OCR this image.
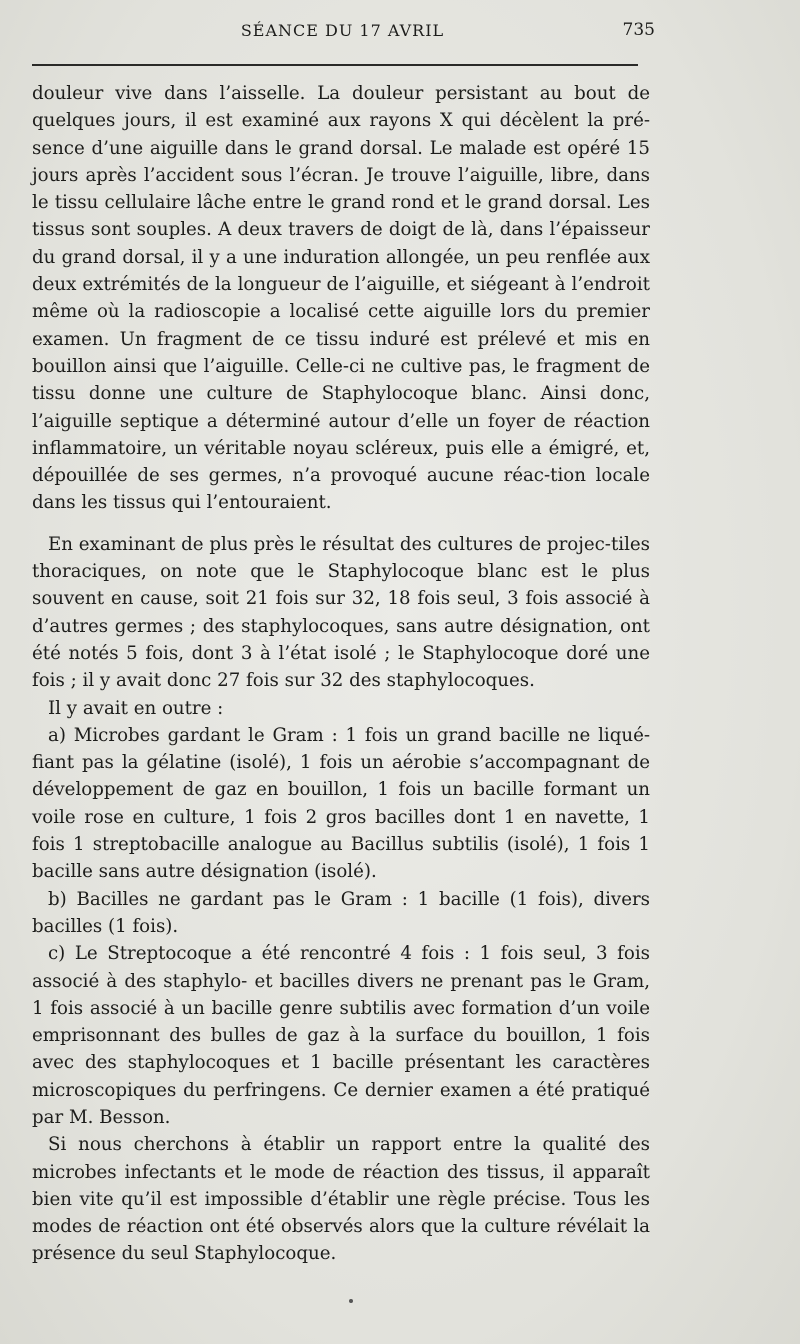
SÉANCE DU 17 AVRIL	735

douleur vive dans l’aisselle. La douleur persistant au bout de quelques jours, il est examiné aux rayons X qui décèlent la pré-sence d’une aiguille dans le grand dorsal. Le malade est opéré 15 jours après l’accident sous l’écran. Je trouve l’aiguille, libre, dans le tissu cellulaire lâche entre le grand rond et le grand dorsal. Les tissus sont souples. A deux travers de doigt de là, dans l’épaisseur du grand dorsal, il y a une induration allongée, un peu renflée aux deux extrémités de la longueur de l’aiguille, et siégeant à l’endroit même où la radioscopie a localisé cette aiguille lors du premier examen. Un fragment de ce tissu induré est prélevé et mis en bouillon ainsi que l’aiguille. Celle-ci ne cultive pas, le fragment de tissu donne une culture de Staphylocoque blanc. Ainsi donc, l’aiguille septique a déterminé autour d’elle un foyer de réaction inflammatoire, un véritable noyau scléreux, puis elle a émigré, et, dépouillée de ses germes, n’a provoqué aucune réac-tion locale dans les tissus qui l’entouraient.

En examinant de plus près le résultat des cultures de projec-tiles thoraciques, on note que le Staphylocoque blanc est le plus souvent en cause, soit 21 fois sur 32, 18 fois seul, 3 fois associé à d’autres germes ; des staphylocoques, sans autre désignation, ont été notés 5 fois, dont 3 à l’état isolé ; le Staphylocoque doré une fois ; il y avait donc 27 fois sur 32 des staphylocoques.

Il y avait en outre :

a) Microbes gardant le Gram : 1 fois un grand bacille ne liqué-fiant pas la gélatine (isolé), 1 fois un aérobie s’accompagnant de développement de gaz en bouillon, 1 fois un bacille formant un voile rose en culture, 1 fois 2 gros bacilles dont 1 en navette, 1 fois 1 streptobacille analogue au Bacillus subtilis (isolé), 1 fois 1 bacille sans autre désignation (isolé).

b) Bacilles ne gardant pas le Gram : 1 bacille (1 fois), divers bacilles (1 fois).

c) Le Streptocoque a été rencontré 4 fois : 1 fois seul, 3 fois associé à des staphylo- et bacilles divers ne prenant pas le Gram, 1 fois associé à un bacille genre subtilis avec formation d’un voile emprisonnant des bulles de gaz à la surface du bouillon, 1 fois avec des staphylocoques et 1 bacille présentant les caractères microscopiques du perfringens. Ce dernier examen a été pratiqué par M. Besson.

Si nous cherchons à établir un rapport entre la qualité des microbes infectants et le mode de réaction des tissus, il apparaît bien vite qu’il est impossible d’établir une règle précise. Tous les modes de réaction ont été observés alors que la culture révélait la présence du seul Staphylocoque.
